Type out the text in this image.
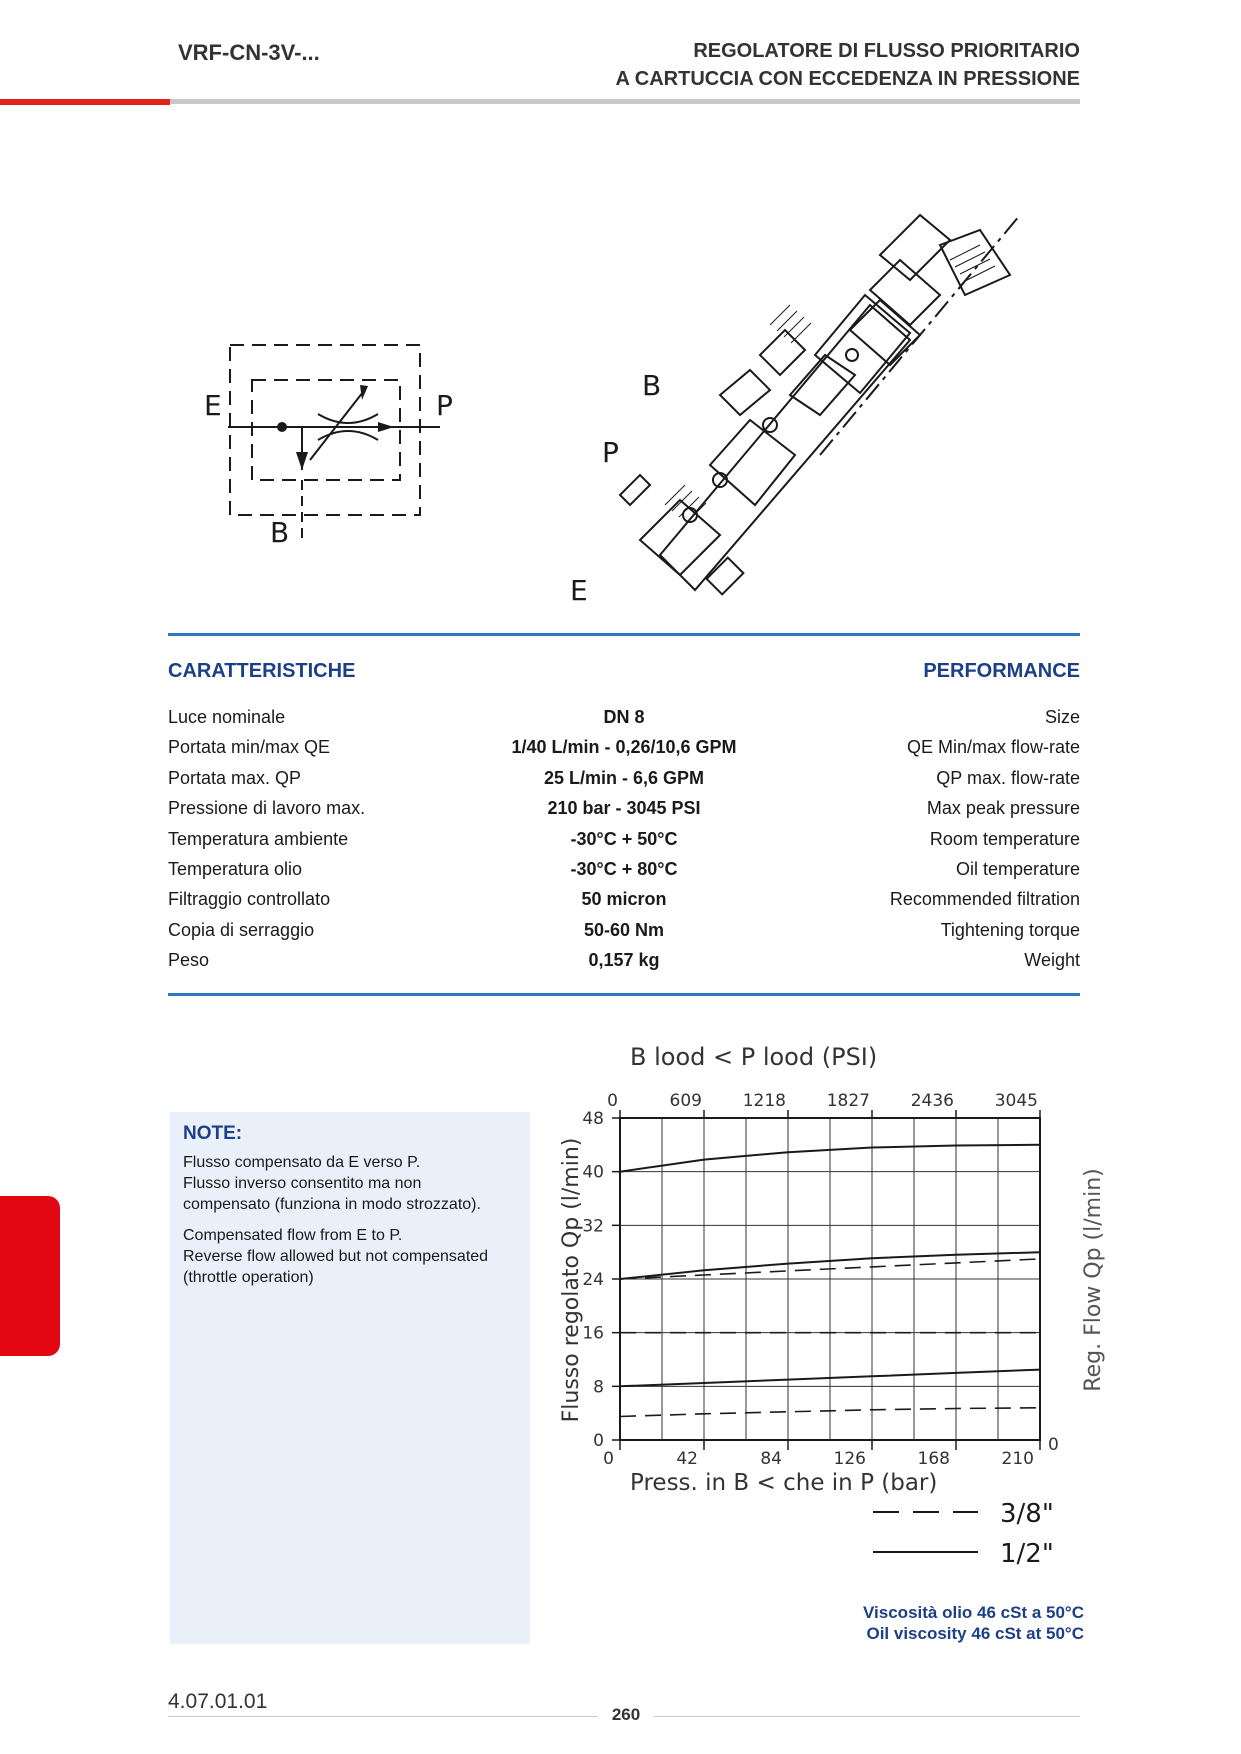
VRF-CN-3V-...	REGOLATORE DI FLUSSO PRIORITARIO
A CARTUCCIA CON ECCEDENZA IN PRESSIONE
E	P
B
B
P
E
CARATTERISTICHE	PERFORMANCE
Luce nominale	DN 8	Size
Portata min/max QE	1/40 L/min - 0,26/10,6 GPM	QE Min/max flow-rate
Portata max. QP	25 L/min - 6,6 GPM	QP max. flow-rate
Pressione di lavoro max.	210 bar - 3045 PSI	Max peak pressure
Temperatura ambiente	-30°C + 50°C	Room temperature
Temperatura olio	-30°C + 80°C	Oil temperature
Filtraggio controllato	50 micron	Recommended filtration
Copia di serraggio	50-60 Nm	Tightening torque
Peso	0,157 kg	Weight
NOTE:
Flusso compensato da E verso P.
Flusso inverso consentito ma non
compensato (funziona in modo strozzato).
Compensated flow from E to P.
Reverse flow allowed but not compensated
(throttle operation)
B lood < P lood (PSI)
0	42	84	126	168	210
0	609 1218 1827 2436 3045
0
8
16
24
32
40
48
0
Press. in B < che in P (bar)
Flusso regolato Qp (l/min)	Reg. Flow Qp (l/min)
3/8"
1/2"
Viscosità olio 46 cSt a 50°C
Oil viscosity 46 cSt at 50°C
4.07.01.01
260
